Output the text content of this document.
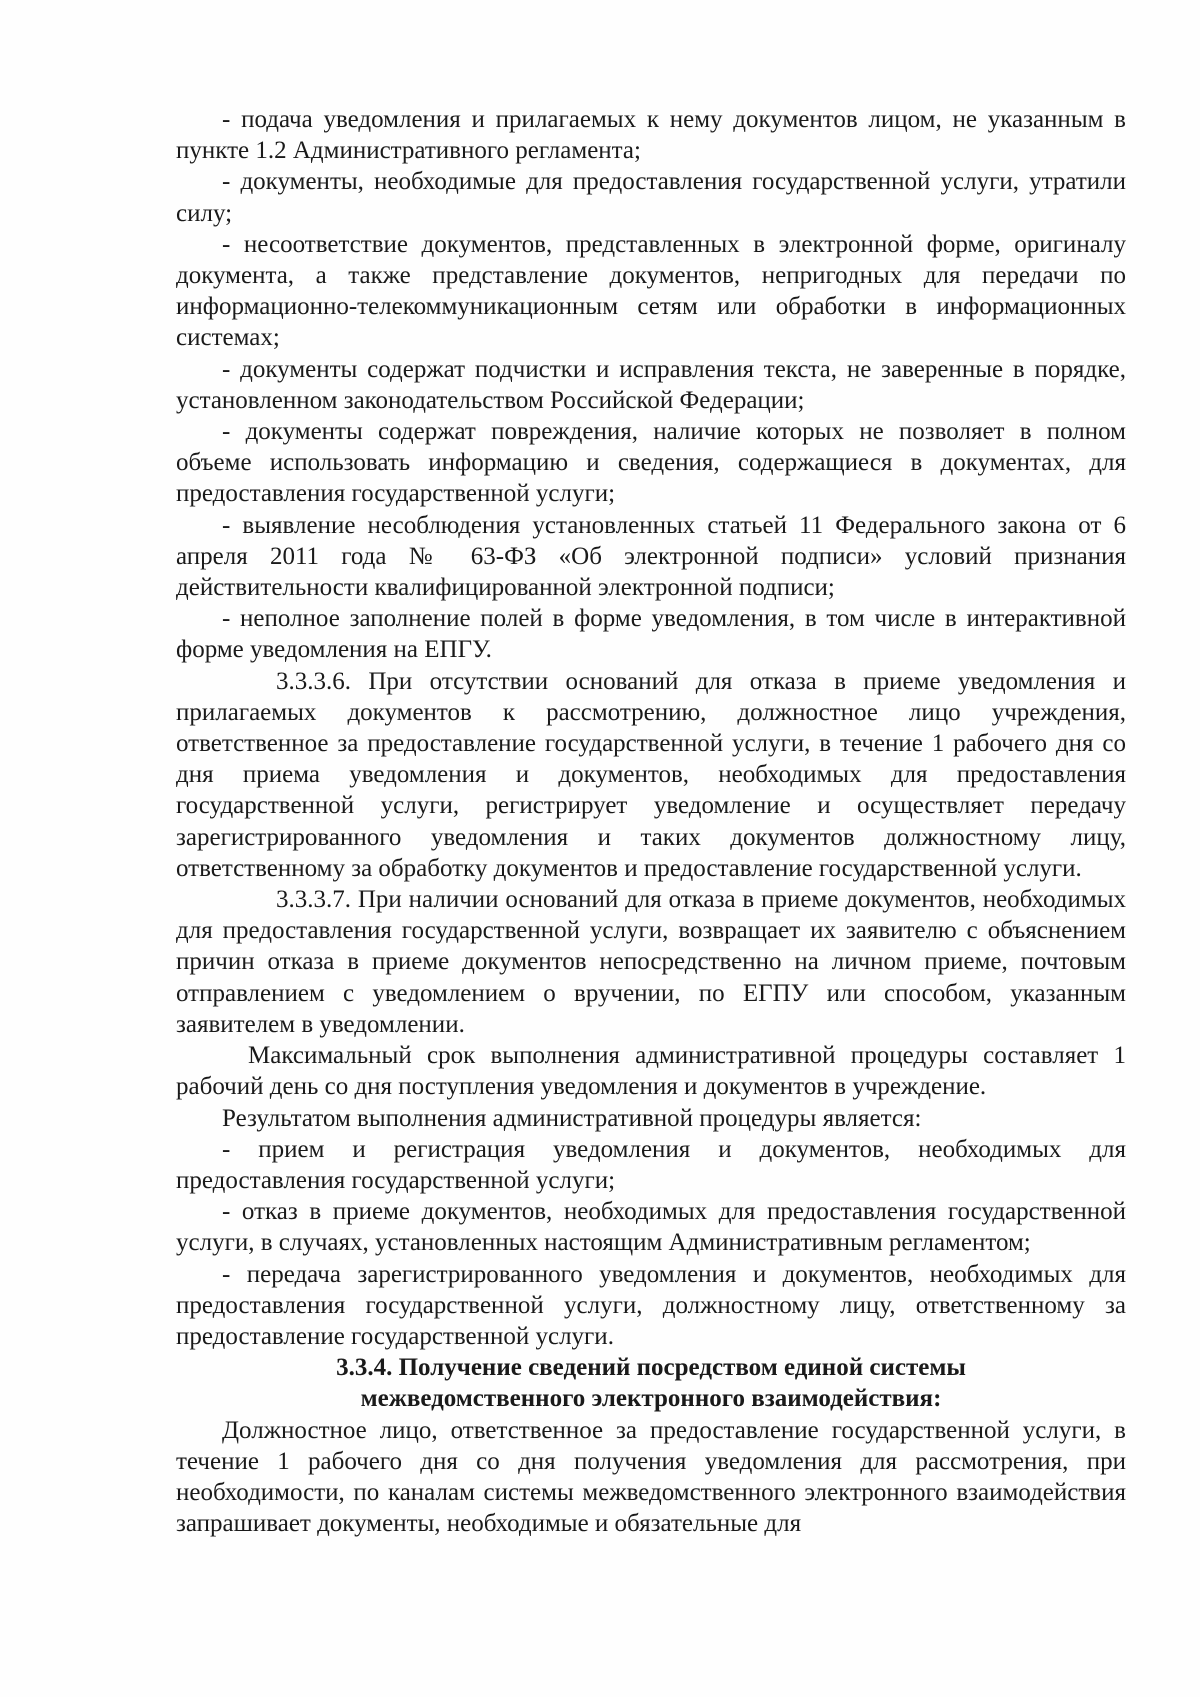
- подача уведомления и прилагаемых к нему документов лицом, не указанным в пункте 1.2 Административного регламента;

- документы, необходимые для предоставления государственной услуги, утратили силу;

- несоответствие документов, представленных в электронной форме, оригиналу документа, а также представление документов, непригодных для передачи по информационно-телекоммуникационным сетям или обработки в информационных системах;

- документы содержат подчистки и исправления текста, не заверенные в порядке, установленном законодательством Российской Федерации;

- документы содержат повреждения, наличие которых не позволяет в полном объеме использовать информацию и сведения, содержащиеся в документах, для предоставления государственной услуги;

- выявление несоблюдения установленных статьей 11 Федерального закона от 6 апреля 2011 года № 63-ФЗ «Об электронной подписи» условий признания действительности квалифицированной электронной подписи;

- неполное заполнение полей в форме уведомления, в том числе в интерактивной форме уведомления на ЕПГУ.

3.3.3.6. При отсутствии оснований для отказа в приеме уведомления и прилагаемых документов к рассмотрению, должностное лицо учреждения, ответственное за предоставление государственной услуги, в течение 1 рабочего дня со дня приема уведомления и документов, необходимых для предоставления государственной услуги, регистрирует уведомление и осуществляет передачу зарегистрированного уведомления и таких документов должностному лицу, ответственному за обработку документов и предоставление государственной услуги.

3.3.3.7. При наличии оснований для отказа в приеме документов, необходимых для предоставления государственной услуги, возвращает их заявителю с объяснением причин отказа в приеме документов непосредственно на личном приеме, почтовым отправлением с уведомлением о вручении, по ЕГПУ или способом, указанным заявителем в уведомлении.

Максимальный срок выполнения административной процедуры составляет 1 рабочий день со дня поступления уведомления и документов в учреждение.

Результатом выполнения административной процедуры является:

- прием и регистрация уведомления и документов, необходимых для предоставления государственной услуги;

- отказ в приеме документов, необходимых для предоставления государственной услуги, в случаях, установленных настоящим Административным регламентом;

- передача зарегистрированного уведомления и документов, необходимых для предоставления государственной услуги, должностному лицу, ответственному за предоставление государственной услуги.

3.3.4. Получение сведений посредством единой системы
межведомственного электронного взаимодействия:

Должностное лицо, ответственное за предоставление государственной услуги, в течение 1 рабочего дня со дня получения уведомления для рассмотрения, при необходимости, по каналам системы межведомственного электронного взаимодействия запрашивает документы, необходимые и обязательные для
